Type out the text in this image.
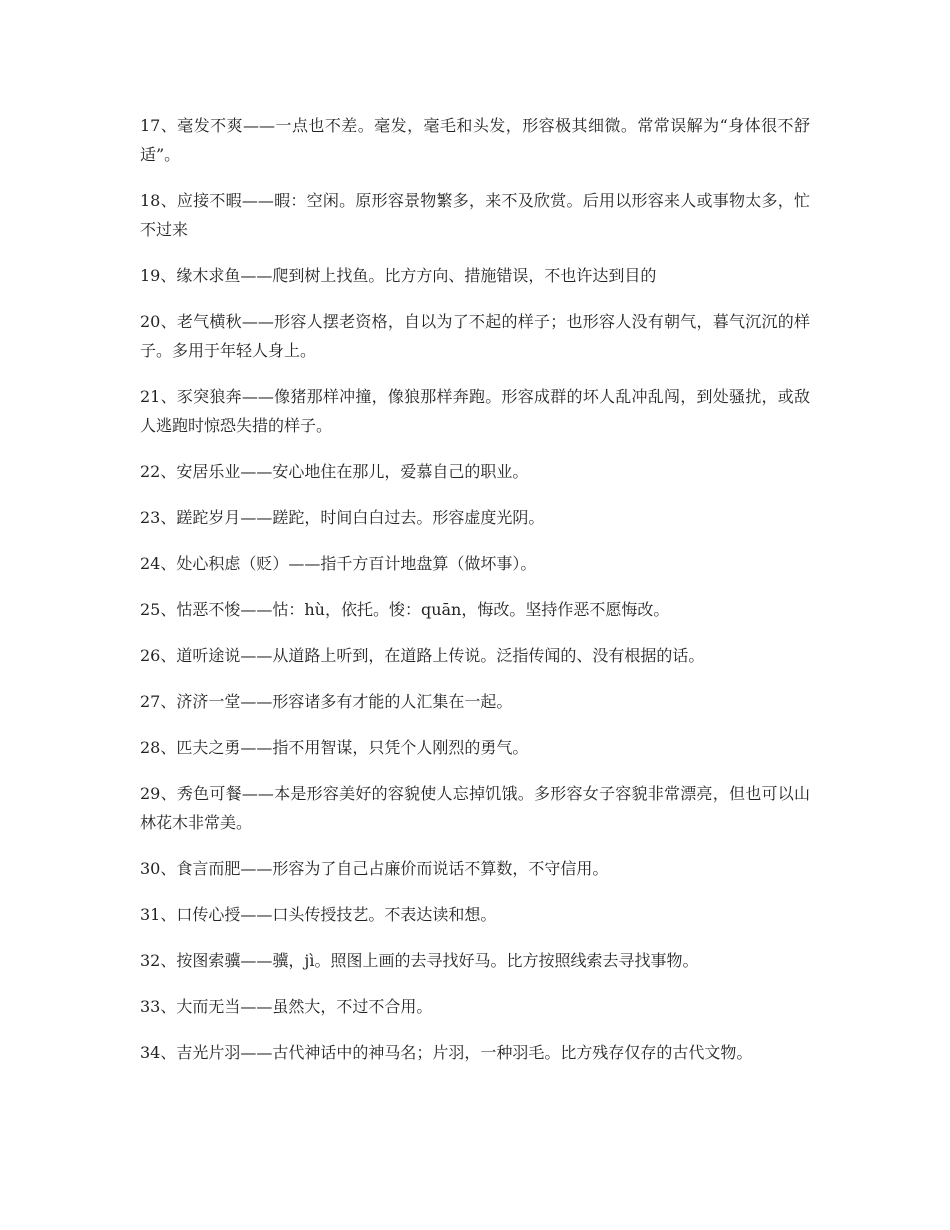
17、毫发不爽——一点也不差。毫发，毫毛和头发，形容极其细微。常常误解为“身体很不舒适”。
18、应接不暇——暇：空闲。原形容景物繁多，来不及欣赏。后用以形容来人或事物太多，忙不过来
19、缘木求鱼——爬到树上找鱼。比方方向、措施错误，不也许达到目的
20、老气横秋——形容人摆老资格，自以为了不起的样子；也形容人没有朝气，暮气沉沉的样子。多用于年轻人身上。
21、豕突狼奔——像猪那样冲撞，像狼那样奔跑。形容成群的坏人乱冲乱闯，到处骚扰，或敌人逃跑时惊恐失措的样子。
22、安居乐业——安心地住在那儿，爱慕自己的职业。
23、蹉跎岁月——蹉跎，时间白白过去。形容虚度光阴。
24、处心积虑（贬）——指千方百计地盘算（做坏事）。
25、怙恶不悛——怙：hù，依托。悛：quān，悔改。坚持作恶不愿悔改。
26、道听途说——从道路上听到，在道路上传说。泛指传闻的、没有根据的话。
27、济济一堂——形容诸多有才能的人汇集在一起。
28、匹夫之勇——指不用智谋，只凭个人刚烈的勇气。
29、秀色可餐——本是形容美好的容貌使人忘掉饥饿。多形容女子容貌非常漂亮，但也可以山林花木非常美。
30、食言而肥——形容为了自己占廉价而说话不算数，不守信用。
31、口传心授——口头传授技艺。不表达读和想。
32、按图索骥——骥，jì。照图上画的去寻找好马。比方按照线索去寻找事物。
33、大而无当——虽然大，不过不合用。
34、吉光片羽——古代神话中的神马名；片羽，一种羽毛。比方残存仅存的古代文物。
